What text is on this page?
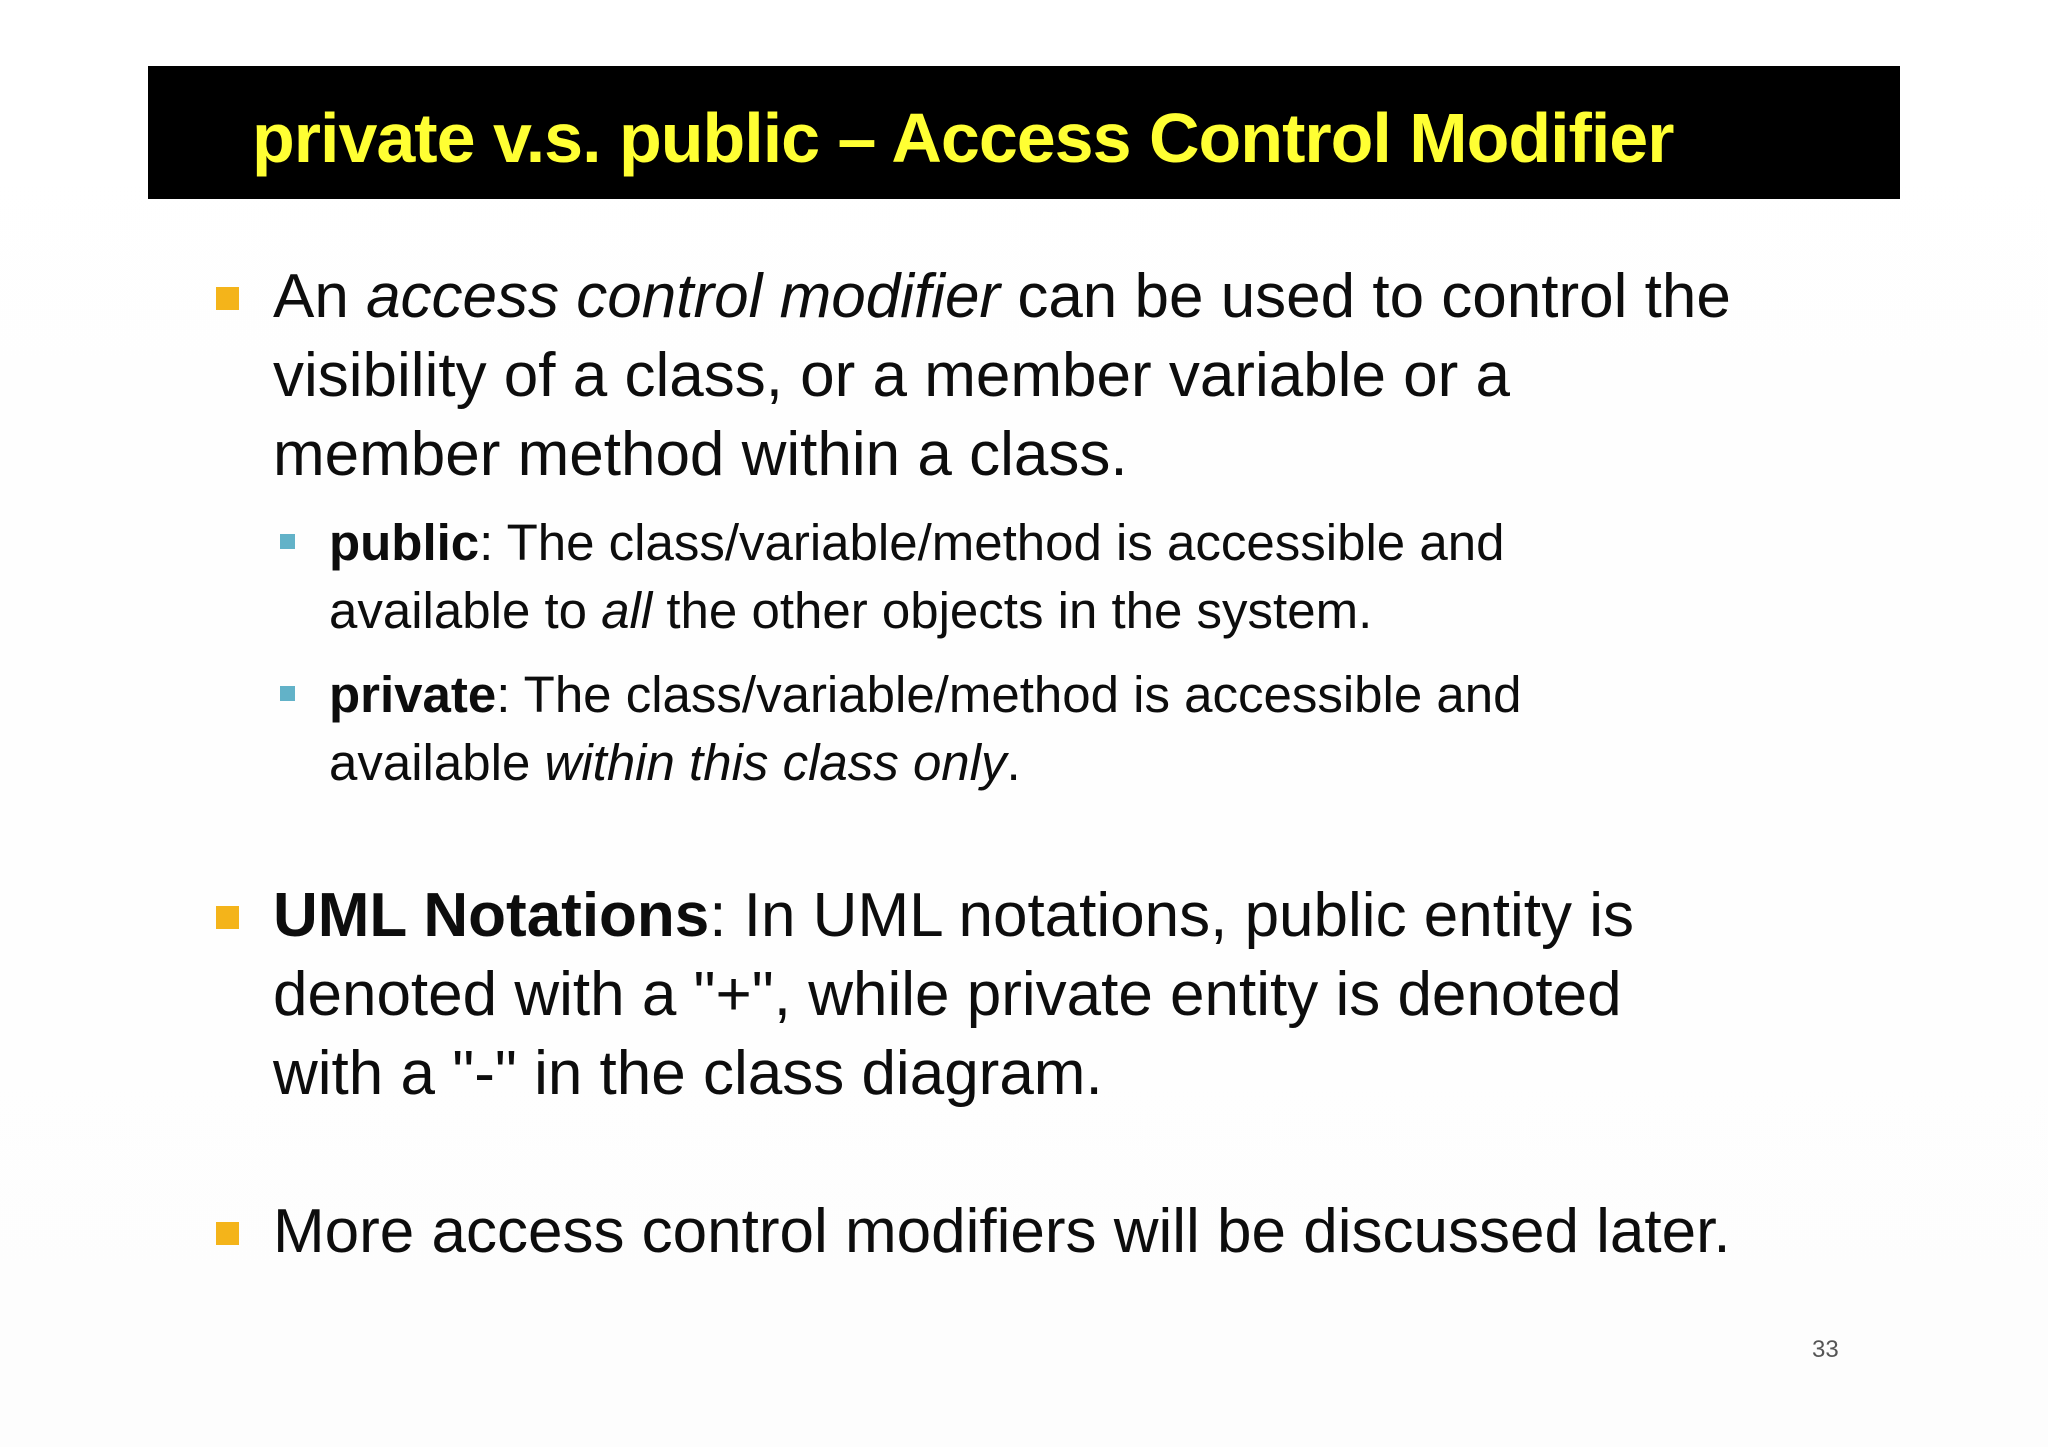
private v.s. public – Access Control Modifier
An access control modifier can be used to control the
visibility of a class, or a member variable or a
member method within a class.
public: The class/variable/method is accessible and
available to all the other objects in the system.
private: The class/variable/method is accessible and
available within this class only.
UML Notations: In UML notations, public entity is
denoted with a "+", while private entity is denoted
with a "-" in the class diagram.
More access control modifiers will be discussed later.
33
